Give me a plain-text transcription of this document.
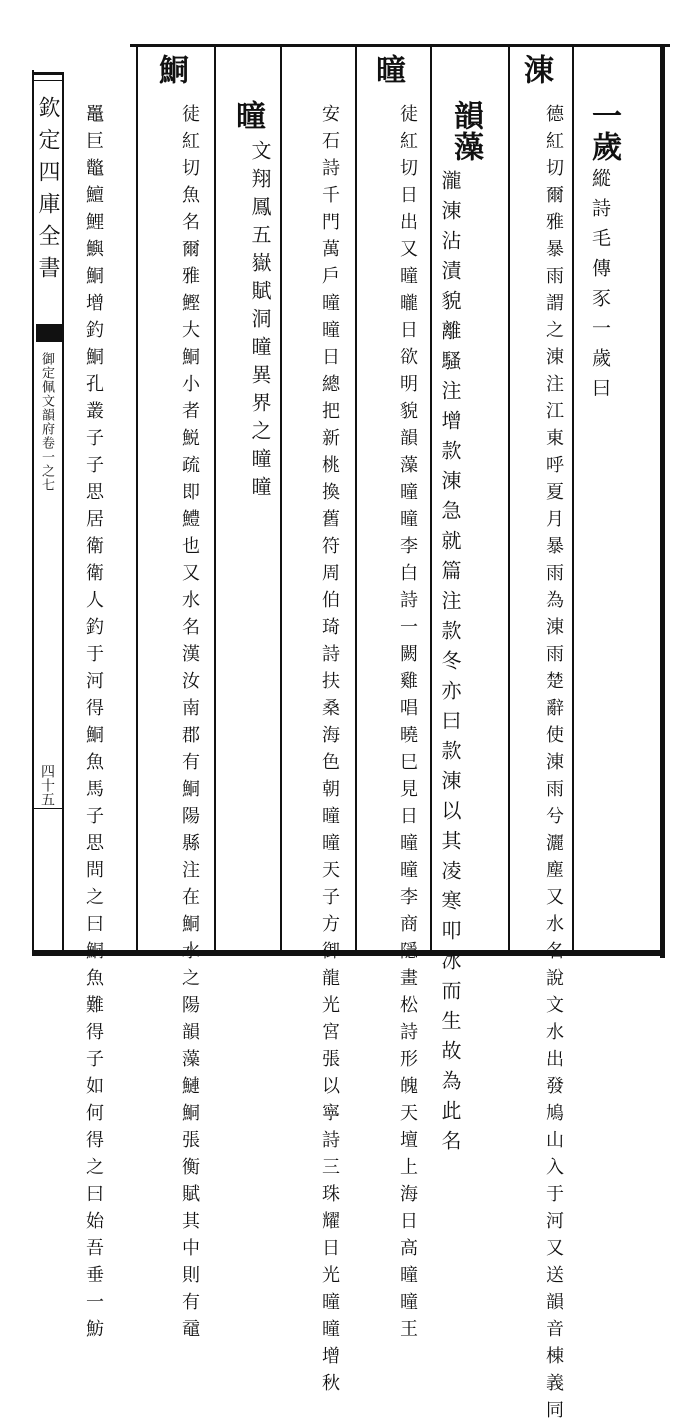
欽定四庫全書
御定佩文韻府卷一之七
四十五
一歲
縱詩毛傳豕一歲曰
涷
德紅切爾雅暴雨謂之涷注江東呼夏月暴雨為涷雨楚辭使涷雨兮灑塵又水名說文水出發鳩山入于河又送韻音棟義同
韻藻
瀧涷沾漬貌離騷注增款涷急就篇注款冬亦曰款涷以其凌寒叩冰而生故為此名
曈
徒紅切日出又曈曨日欲明貌韻藻曈曈李白詩一闕雞唱曉巳見日曈曈李商隱畫松詩形魄天壇上海日高曈曈王
安石詩千門萬戶曈曈日總把新桃換舊符周伯琦詩扶桑海色朝曈曈天子方御龍光宮張以寧詩三珠耀日光曈曈增秋
曈
文翔鳳五嶽賦洞曈異界之曈曈
鮦
徒紅切魚名爾雅鰹大鮦小者鮵疏即鱧也又水名漢汝南郡有鮦陽縣注在鮦水之陽韻藻鰱鮦張衡賦其中則有黿
鼉巨鼈鱣鯉鱮鮦增釣鮦孔叢子子思居衛衛人釣于河得鮦魚馬子思問之曰鮦魚難得子如何得之曰始吾垂一魴
